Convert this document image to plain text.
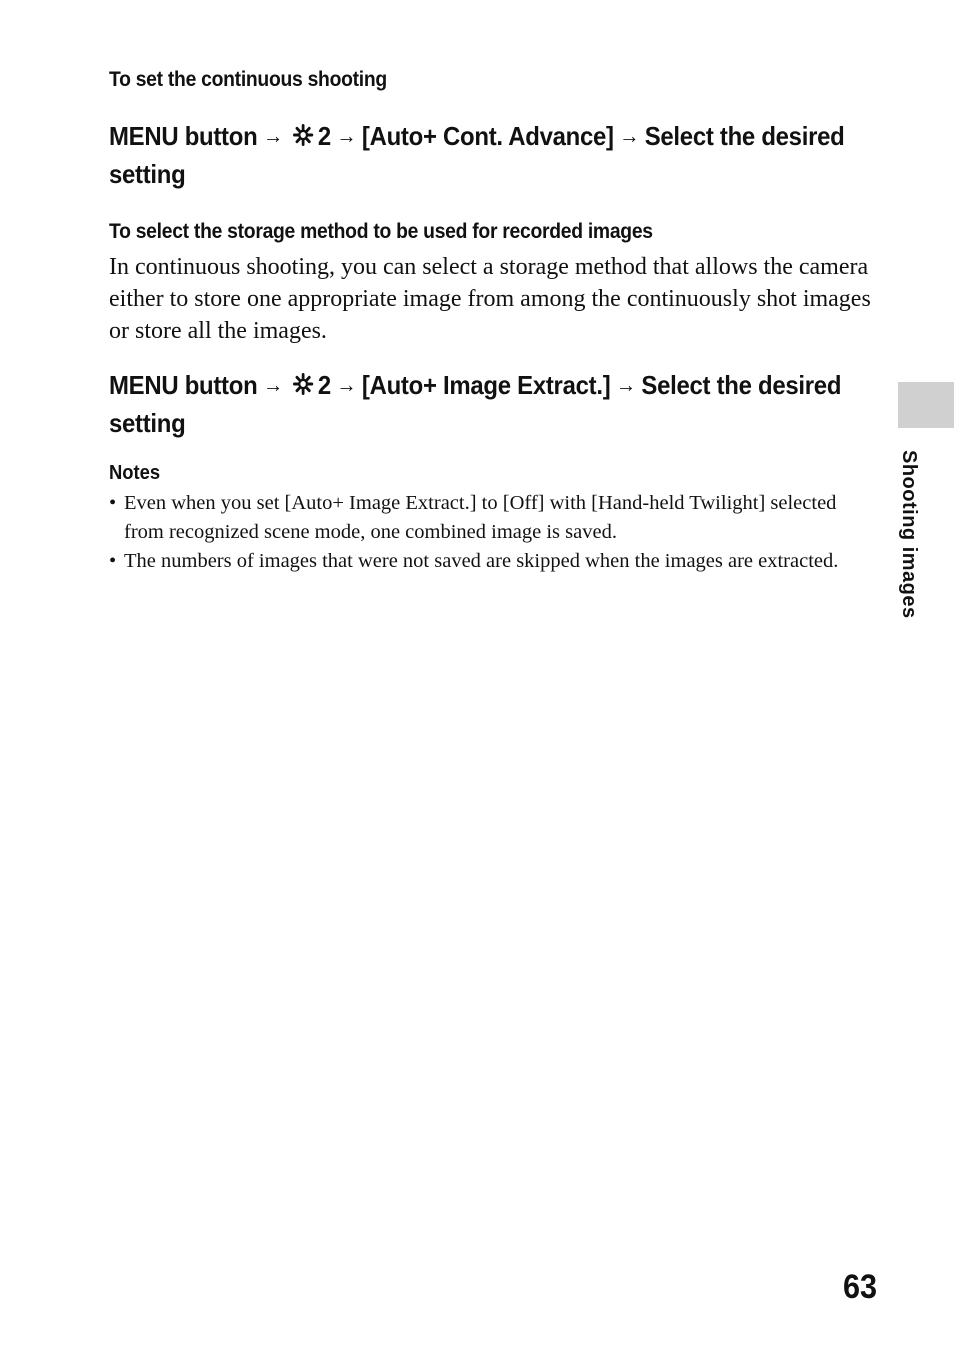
To set the continuous shooting
MENU button → 2 → [Auto+ Cont. Advance] → Select the desired setting
To select the storage method to be used for recorded images
In continuous shooting, you can select a storage method that allows the camera either to store one appropriate image from among the continuously shot images or store all the images.
MENU button → 2 → [Auto+ Image Extract.] → Select the desired setting
Notes
• Even when you set [Auto+ Image Extract.] to [Off] with [Hand-held Twilight] selected from recognized scene mode, one combined image is saved.
• The numbers of images that were not saved are skipped when the images are extracted.	Shooting images
63
